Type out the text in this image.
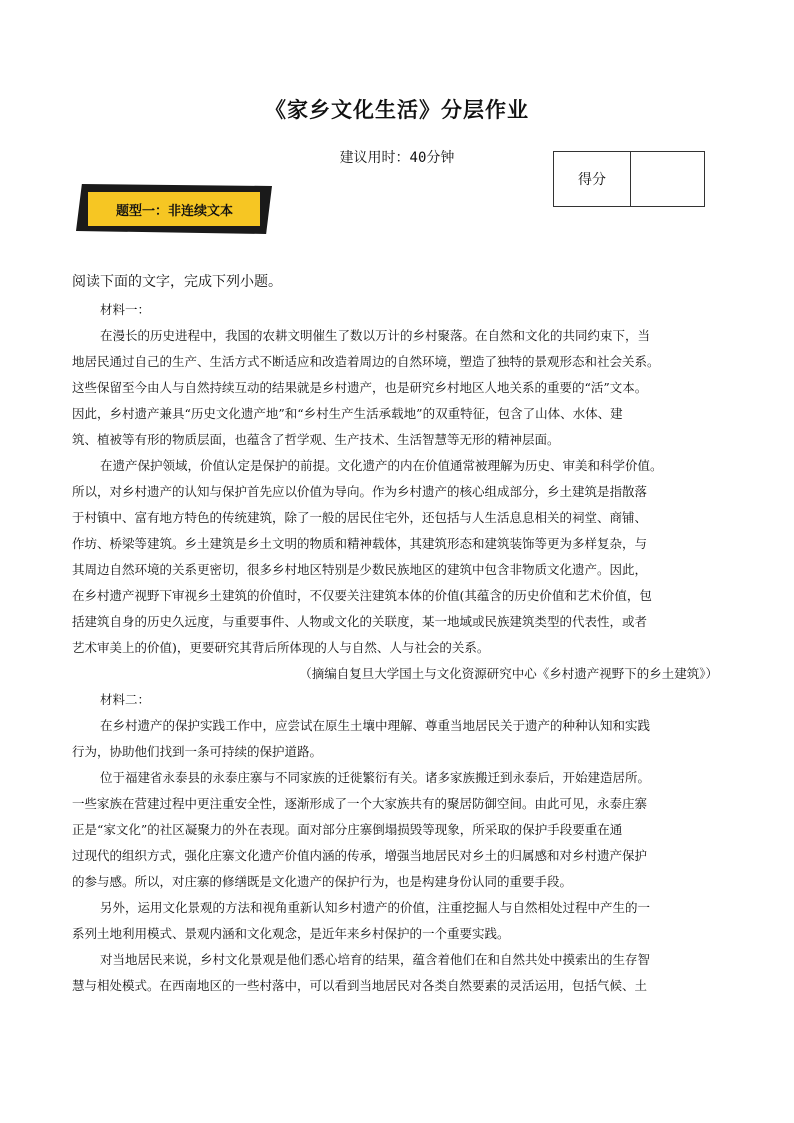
《家乡文化生活》分层作业
建议用时：40分钟
得分
题型一：非连续文本
阅读下面的文字，完成下列小题。
材料一：
在漫长的历史进程中，我国的农耕文明催生了数以万计的乡村聚落。在自然和文化的共同约束下，当
地居民通过自己的生产、生活方式不断适应和改造着周边的自然环境，塑造了独特的景观形态和社会关系。
这些保留至今由人与自然持续互动的结果就是乡村遗产，也是研究乡村地区人地关系的重要的“活”文本。
因此，乡村遗产兼具“历史文化遗产地”和“乡村生产生活承载地”的双重特征，包含了山体、水体、建
筑、植被等有形的物质层面，也蕴含了哲学观、生产技术、生活智慧等无形的精神层面。
在遗产保护领域，价值认定是保护的前提。文化遗产的内在价值通常被理解为历史、审美和科学价值。
所以，对乡村遗产的认知与保护首先应以价值为导向。作为乡村遗产的核心组成部分，乡土建筑是指散落
于村镇中、富有地方特色的传统建筑，除了一般的居民住宅外，还包括与人生活息息相关的祠堂、商铺、
作坊、桥梁等建筑。乡土建筑是乡土文明的物质和精神载体，其建筑形态和建筑装饰等更为多样复杂，与
其周边自然环境的关系更密切，很多乡村地区特别是少数民族地区的建筑中包含非物质文化遗产。因此，
在乡村遗产视野下审视乡土建筑的价值时，不仅要关注建筑本体的价值(其蕴含的历史价值和艺术价值，包
括建筑自身的历史久远度，与重要事件、人物或文化的关联度，某一地域或民族建筑类型的代表性，或者
艺术审美上的价值)，更要研究其背后所体现的人与自然、人与社会的关系。
（摘编自复旦大学国土与文化资源研究中心《乡村遗产视野下的乡土建筑》）
材料二：
在乡村遗产的保护实践工作中，应尝试在原生土壤中理解、尊重当地居民关于遗产的种种认知和实践
行为，协助他们找到一条可持续的保护道路。
位于福建省永泰县的永泰庄寨与不同家族的迁徙繁衍有关。诸多家族搬迁到永泰后，开始建造居所。
一些家族在营建过程中更注重安全性，逐渐形成了一个大家族共有的聚居防御空间。由此可见，永泰庄寨
正是“家文化”的社区凝聚力的外在表现。面对部分庄寨倒塌损毁等现象，所采取的保护手段要重在通
过现代的组织方式，强化庄寨文化遗产价值内涵的传承，增强当地居民对乡土的归属感和对乡村遗产保护
的参与感。所以，对庄寨的修缮既是文化遗产的保护行为，也是构建身份认同的重要手段。
另外，运用文化景观的方法和视角重新认知乡村遗产的价值，注重挖掘人与自然相处过程中产生的一
系列土地利用模式、景观内涵和文化观念，是近年来乡村保护的一个重要实践。
对当地居民来说，乡村文化景观是他们悉心培育的结果，蕴含着他们在和自然共处中摸索出的生存智
慧与相处模式。在西南地区的一些村落中，可以看到当地居民对各类自然要素的灵活运用，包括气候、土
